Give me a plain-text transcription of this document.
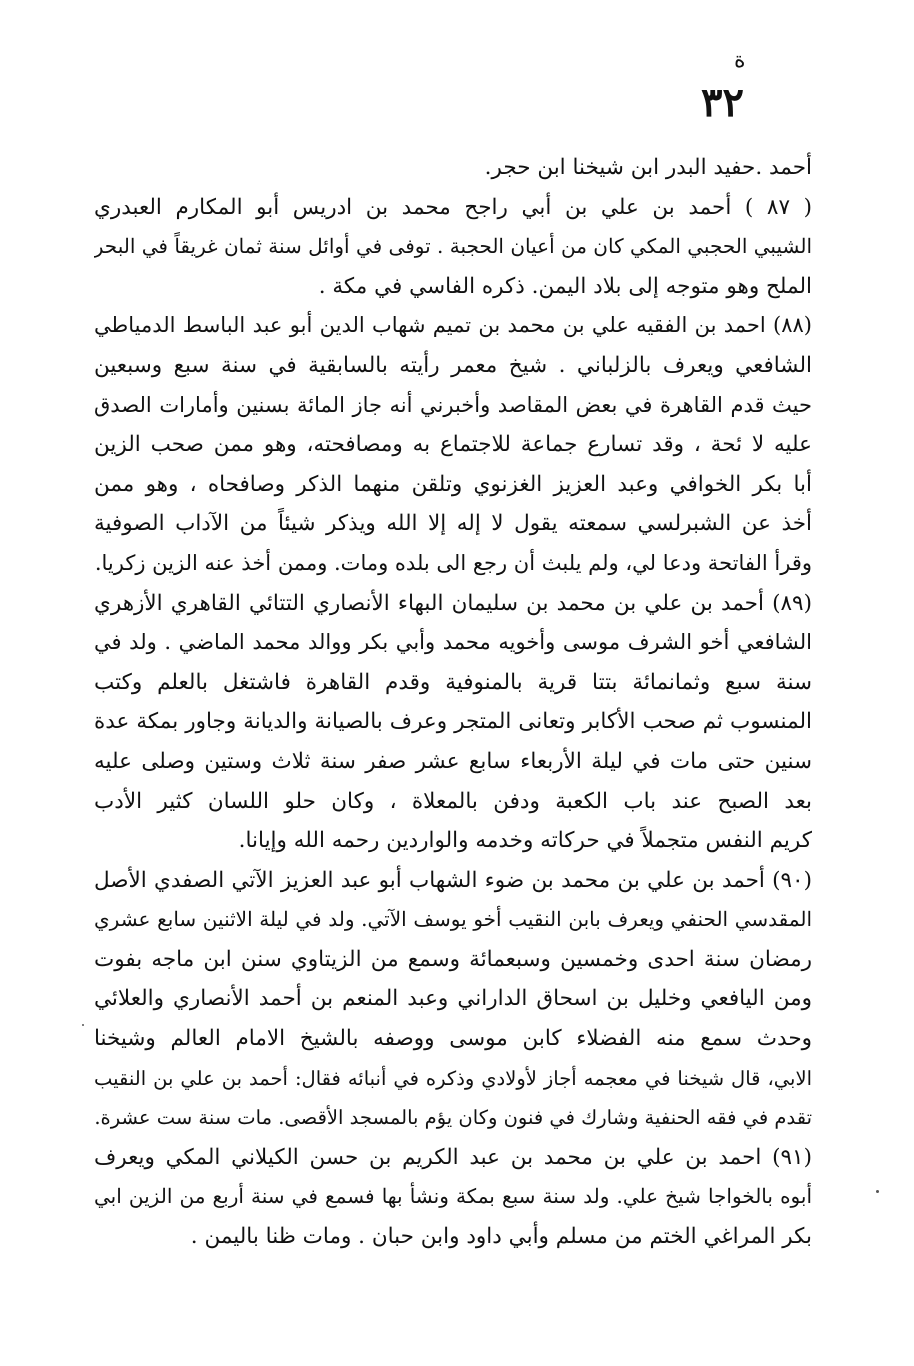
ة
٣٢
أحمد .حفيد البدر ابن شيخنا ابن حجر.
( ٨٧ ) أحمد بن علي بن أبي راجح محمد بن ادريس أبو المكارم العبدري
الشيبي الحجبي المكي كان من أعيان الحجبة . توفى في أوائل سنة ثمان غريقاً في البحر
الملح وهو متوجه إلى بلاد اليمن. ذكره الفاسي في مكة .
(٨٨) احمد بن الفقيه علي بن محمد بن تميم شهاب الدين أبو عبد الباسط الدمياطي
الشافعي ويعرف بالزلباني . شيخ معمر رأيته بالسابقية في سنة سبع وسبعين
حيث قدم القاهرة في بعض المقاصد وأخبرني أنه جاز المائة بسنين وأمارات الصدق
عليه لا ئحة ، وقد تسارع جماعة للاجتماع به ومصافحته، وهو ممن صحب الزين
أبا بكر الخوافي وعبد العزيز الغزنوي وتلقن منهما الذكر وصافحاه ، وهو ممن
أخذ عن الشبرلسي سمعته يقول لا إله إلا الله ويذكر شيئاً من الآداب الصوفية
وقرأ الفاتحة ودعا لي، ولم يلبث أن رجع الى بلده ومات. وممن أخذ عنه الزين زكريا.
(٨٩) أحمد بن علي بن محمد بن سليمان البهاء الأنصاري التتائي القاهري الأزهري
الشافعي أخو الشرف موسى وأخويه محمد وأبي بكر ووالد محمد الماضي . ولد في
سنة سبع وثمانمائة بتتا قرية بالمنوفية وقدم القاهرة فاشتغل بالعلم وكتب
المنسوب ثم صحب الأكابر وتعانى المتجر وعرف بالصيانة والديانة وجاور بمكة عدة
سنين حتى مات في ليلة الأربعاء سابع عشر صفر سنة ثلاث وستين وصلى عليه
بعد الصبح عند باب الكعبة ودفن بالمعلاة ، وكان حلو اللسان كثير الأدب
كريم النفس متجملاً في حركاته وخدمه والواردين رحمه الله وإيانا.
(٩٠) أحمد بن علي بن محمد بن ضوء الشهاب أبو عبد العزيز الآتي الصفدي الأصل
المقدسي الحنفي ويعرف بابن النقيب أخو يوسف الآتي. ولد في ليلة الاثنين سابع عشري
رمضان سنة احدى وخمسين وسبعمائة وسمع من الزيتاوي سنن ابن ماجه بفوت
ومن اليافعي وخليل بن اسحاق الداراني وعبد المنعم بن أحمد الأنصاري والعلائي
وحدث سمع منه الفضلاء كابن موسى ووصفه بالشيخ الامام العالم وشيخنا
الابي، قال شيخنا في معجمه أجاز لأولادي وذكره في أنبائه فقال: أحمد بن علي بن النقيب
تقدم في فقه الحنفية وشارك في فنون وكان يؤم بالمسجد الأقصى. مات سنة ست عشرة.
(٩١) احمد بن علي بن محمد بن عبد الكريم بن حسن الكيلاني المكي ويعرف
أبوه بالخواجا شيخ علي. ولد سنة سبع بمكة ونشأ بها فسمع في سنة أربع من الزين ابي
بكر المراغي الختم من مسلم وأبي داود وابن حبان . ومات ظنا باليمن .
